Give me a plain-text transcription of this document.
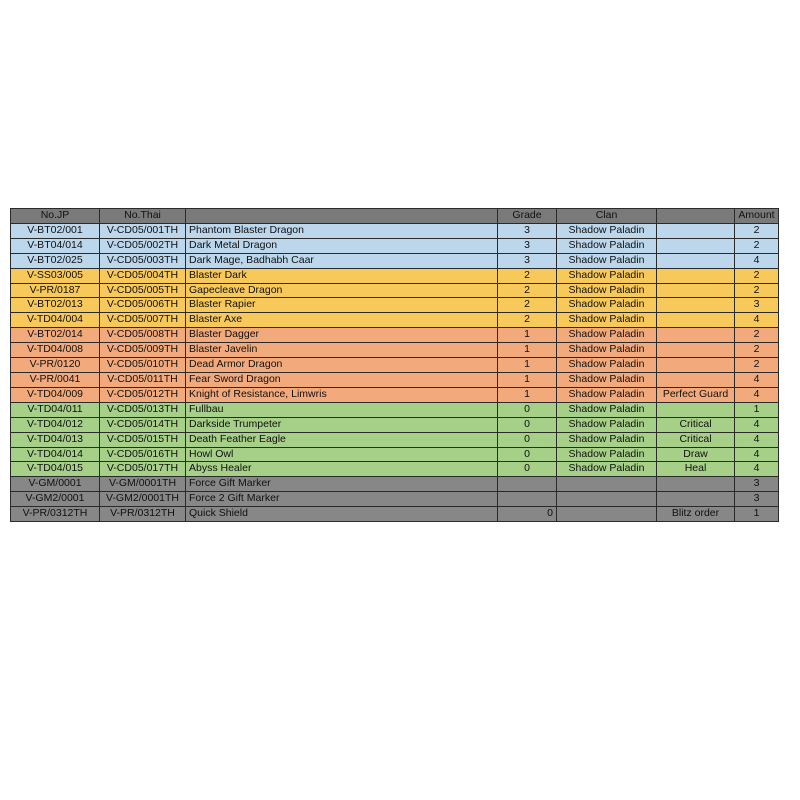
No.JP	No.Thai		Grade	Clan		Amount
V-BT02/001	V-CD05/001TH	Phantom Blaster Dragon	3	Shadow Paladin		2
V-BT04/014	V-CD05/002TH	Dark Metal Dragon	3	Shadow Paladin		2
V-BT02/025	V-CD05/003TH	Dark Mage, Badhabh Caar	3	Shadow Paladin		4
V-SS03/005	V-CD05/004TH	Blaster Dark	2	Shadow Paladin		2
V-PR/0187	V-CD05/005TH	Gapecleave Dragon	2	Shadow Paladin		2
V-BT02/013	V-CD05/006TH	Blaster Rapier	2	Shadow Paladin		3
V-TD04/004	V-CD05/007TH	Blaster Axe	2	Shadow Paladin		4
V-BT02/014	V-CD05/008TH	Blaster Dagger	1	Shadow Paladin		2
V-TD04/008	V-CD05/009TH	Blaster Javelin	1	Shadow Paladin		2
V-PR/0120	V-CD05/010TH	Dead Armor Dragon	1	Shadow Paladin		2
V-PR/0041	V-CD05/011TH	Fear Sword Dragon	1	Shadow Paladin		4
V-TD04/009	V-CD05/012TH	Knight of Resistance, Limwris	1	Shadow Paladin	Perfect Guard	4
V-TD04/011	V-CD05/013TH	Fullbau	0	Shadow Paladin		1
V-TD04/012	V-CD05/014TH	Darkside Trumpeter	0	Shadow Paladin	Critical	4
V-TD04/013	V-CD05/015TH	Death Feather Eagle	0	Shadow Paladin	Critical	4
V-TD04/014	V-CD05/016TH	Howl Owl	0	Shadow Paladin	Draw	4
V-TD04/015	V-CD05/017TH	Abyss Healer	0	Shadow Paladin	Heal	4
V-GM/0001	V-GM/0001TH	Force Gift Marker				3
V-GM2/0001	V-GM2/0001TH	Force 2 Gift Marker				3
V-PR/0312TH	V-PR/0312TH	Quick Shield	0		Blitz order	1
